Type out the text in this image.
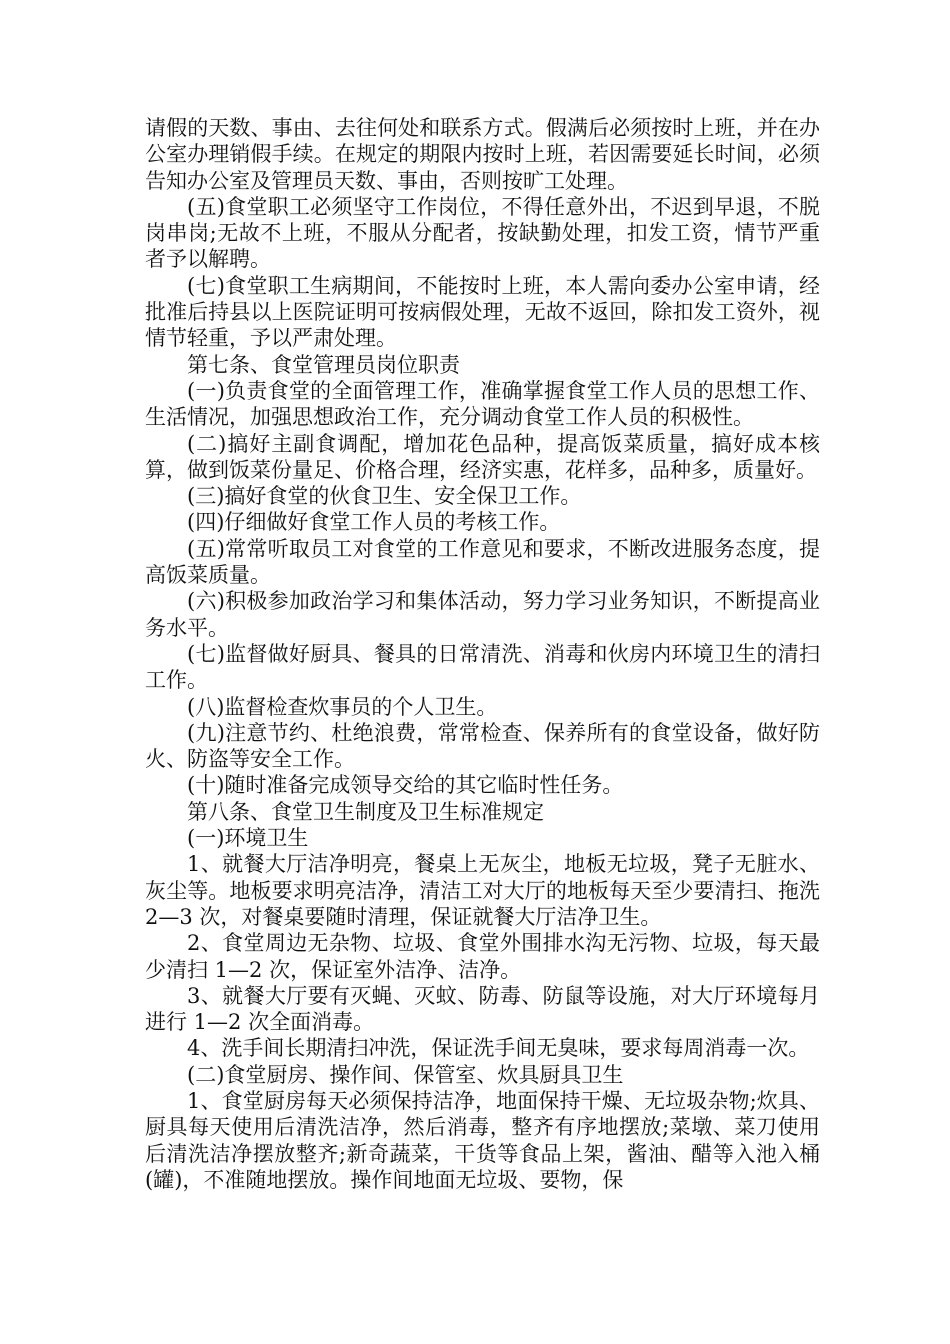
请假的天数、事由、去往何处和联系方式。假满后必须按时上班，并在办公室办理销假手续。在规定的期限内按时上班，若因需要延长时间，必须告知办公室及管理员天数、事由，否则按旷工处理。

(五)食堂职工必须坚守工作岗位，不得任意外出，不迟到早退，不脱岗串岗;无故不上班，不服从分配者，按缺勤处理，扣发工资，情节严重者予以解聘。

(七)食堂职工生病期间，不能按时上班，本人需向委办公室申请，经批准后持县以上医院证明可按病假处理，无故不返回，除扣发工资外，视情节轻重，予以严肃处理。

第七条、食堂管理员岗位职责

(一)负责食堂的全面管理工作，准确掌握食堂工作人员的思想工作、生活情况，加强思想政治工作，充分调动食堂工作人员的积极性。

(二)搞好主副食调配，增加花色品种，提高饭菜质量，搞好成本核算，做到饭菜份量足、价格合理，经济实惠，花样多，品种多，质量好。

(三)搞好食堂的伙食卫生、安全保卫工作。

(四)仔细做好食堂工作人员的考核工作。

(五)常常听取员工对食堂的工作意见和要求，不断改进服务态度，提高饭菜质量。

(六)积极参加政治学习和集体活动，努力学习业务知识，不断提高业务水平。

(七)监督做好厨具、餐具的日常清洗、消毒和伙房内环境卫生的清扫工作。

(八)监督检查炊事员的个人卫生。

(九)注意节约、杜绝浪费，常常检查、保养所有的食堂设备，做好防火、防盗等安全工作。

(十)随时准备完成领导交给的其它临时性任务。

第八条、食堂卫生制度及卫生标准规定

(一)环境卫生

1、就餐大厅洁净明亮，餐桌上无灰尘，地板无垃圾，凳子无脏水、灰尘等。地板要求明亮洁净，清洁工对大厅的地板每天至少要清扫、拖洗 2—3 次，对餐桌要随时清理，保证就餐大厅洁净卫生。

2、食堂周边无杂物、垃圾、食堂外围排水沟无污物、垃圾，每天最少清扫 1—2 次，保证室外洁净、洁净。

3、就餐大厅要有灭蝇、灭蚊、防毒、防鼠等设施，对大厅环境每月进行 1—2 次全面消毒。

4、洗手间长期清扫冲洗，保证洗手间无臭味，要求每周消毒一次。

(二)食堂厨房、操作间、保管室、炊具厨具卫生

1、食堂厨房每天必须保持洁净，地面保持干燥、无垃圾杂物;炊具、厨具每天使用后清洗洁净，然后消毒，整齐有序地摆放;菜墩、菜刀使用后清洗洁净摆放整齐;新奇蔬菜，干货等食品上架，酱油、醋等入池入桶(罐)，不准随地摆放。操作间地面无垃圾、要物，保
